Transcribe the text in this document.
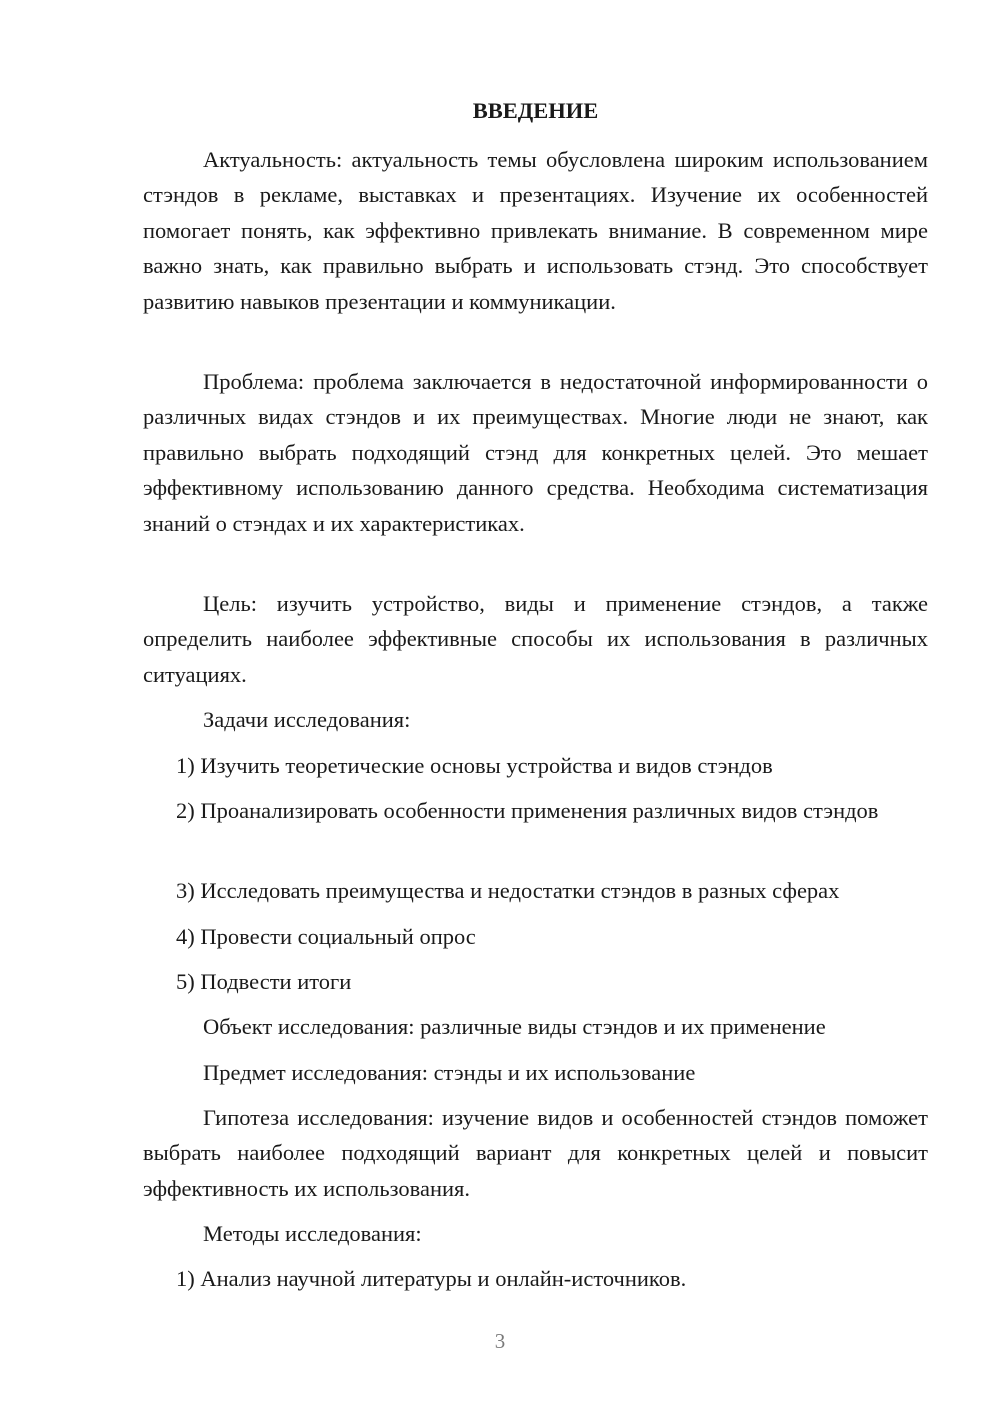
ВВЕДЕНИЕ

Актуальность: актуальность темы обусловлена широким использованием стэндов в рекламе, выставках и презентациях. Изучение их особенностей помогает понять, как эффективно привлекать внимание. В современном мире важно знать, как правильно выбрать и использовать стэнд. Это способствует развитию навыков презентации и коммуникации.

Проблема: проблема заключается в недостаточной информированности о различных видах стэндов и их преимуществах. Многие люди не знают, как правильно выбрать подходящий стэнд для конкретных целей. Это мешает эффективному использованию данного средства. Необходима систематизация знаний о стэндах и их характеристиках.

Цель: изучить устройство, виды и применение стэндов, а также определить наиболее эффективные способы их использования в различных ситуациях.

Задачи исследования:

1) Изучить теоретические основы устройства и видов стэндов

2) Проанализировать особенности применения различных видов стэндов

3) Исследовать преимущества и недостатки стэндов в разных сферах

4) Провести социальный опрос

5) Подвести итоги

Объект исследования: различные виды стэндов и их применение

Предмет исследования: стэнды и их использование

Гипотеза исследования: изучение видов и особенностей стэндов поможет выбрать наиболее подходящий вариант для конкретных целей и повысит эффективность их использования.

Методы исследования:

1) Анализ научной литературы и онлайн-источников.

3
